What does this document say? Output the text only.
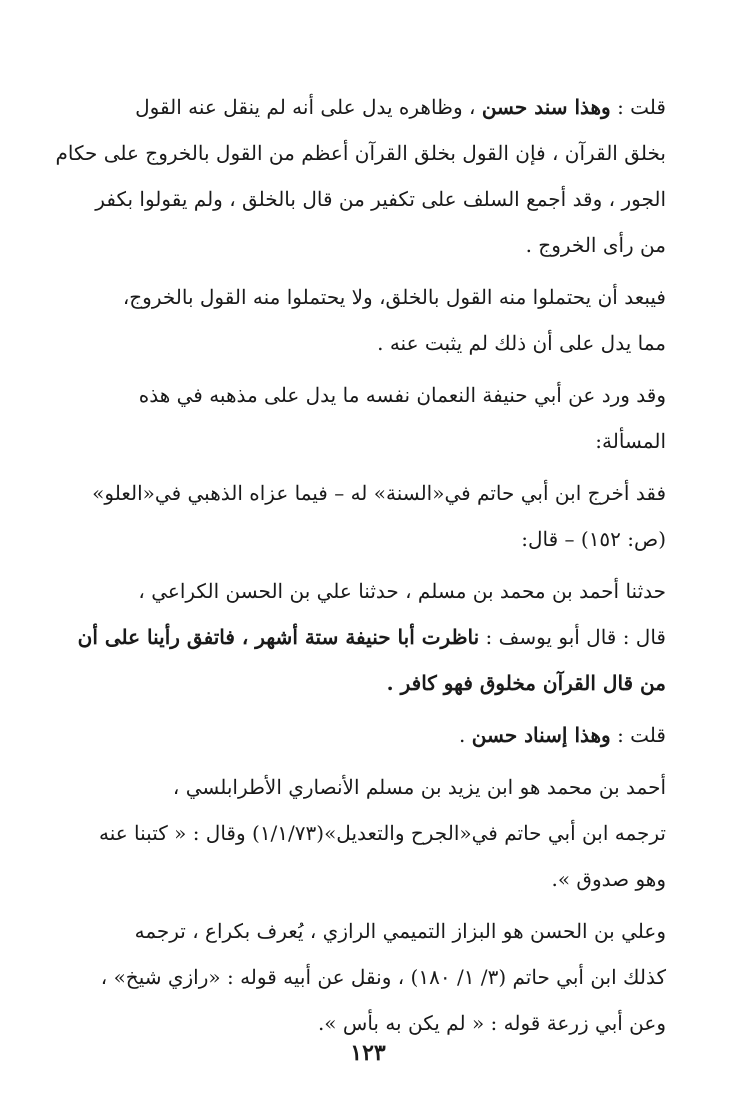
قلت : وهذا سند حسن ، وظاهره يدل على أنه لم ينقل عنه القول
بخلق القرآن ، فإن القول بخلق القرآن أعظم من القول بالخروج على حكام
الجور ، وقد أجمع السلف على تكفير من قال بالخلق ، ولم يقولوا بكفر
من رأى الخروج .

فيبعد أن يحتملوا منه القول بالخلق، ولا يحتملوا منه القول بالخروج،
مما يدل على أن ذلك لم يثبت عنه .

وقد ورد عن أبي حنيفة النعمان نفسه ما يدل على مذهبه في هذه
المسألة:

فقد أخرج ابن أبي حاتم في«السنة» له – فيما عزاه الذهبي في«العلو»
(ص: ١٥٢) – قال:

حدثنا أحمد بن محمد بن مسلم ، حدثنا علي بن الحسن الكراعي ،
قال : قال أبو يوسف : ناظرت أبا حنيفة ستة أشهر ، فاتفق رأينا على أن
من قال القرآن مخلوق فهو كافر .

قلت : وهذا إسناد حسن .

أحمد بن محمد هو ابن يزيد بن مسلم الأنصاري الأطرابلسي ،
ترجمه ابن أبي حاتم في«الجرح والتعديل»(١/١/٧٣) وقال : « كتبنا عنه
وهو صدوق ».

وعلي بن الحسن هو البزاز التميمي الرازي ، يُعرف بكراع ، ترجمه
كذلك ابن أبي حاتم (٣/ ١/ ١٨٠) ، ونقل عن أبيه قوله : «رازي شيخ» ،
وعن أبي زرعة قوله : « لم يكن به بأس ».

١٢٣
